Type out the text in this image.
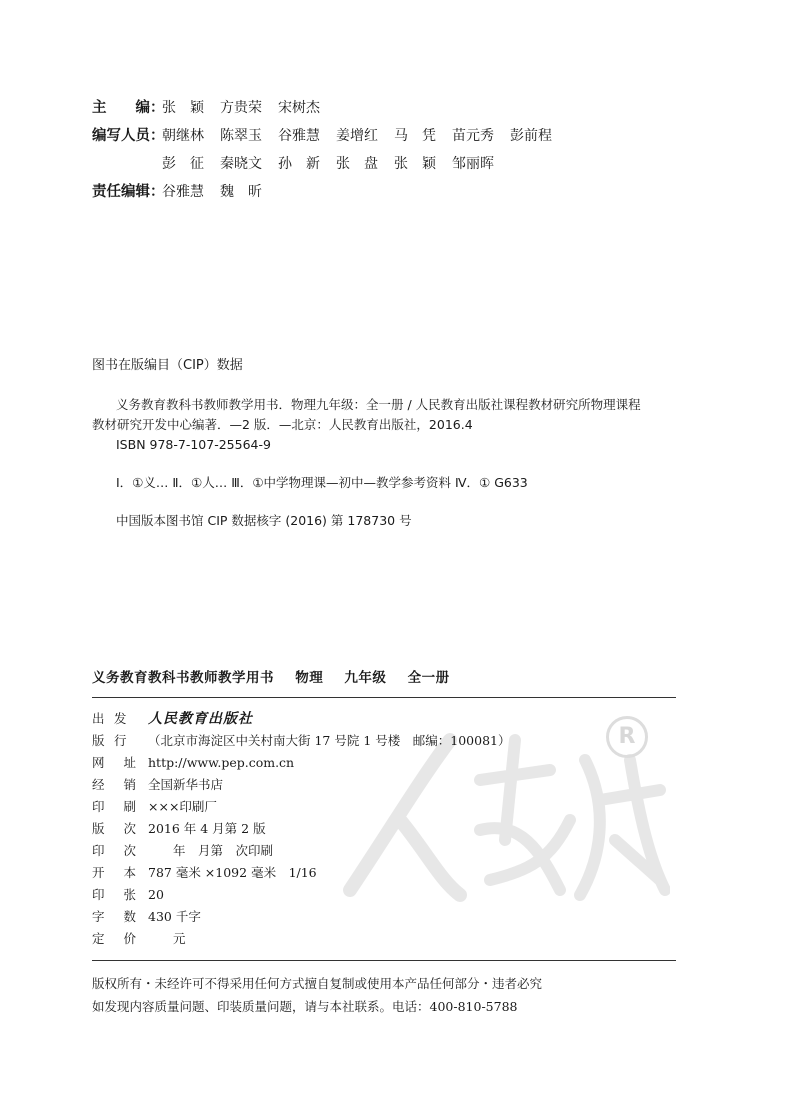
R
主　　编：
张　颖 方贵荣 宋树杰
编写人员：
朝继林 陈翠玉 谷雅慧 姜增红 马　凭 苗元秀 彭前程
彭　征 秦晓文 孙　新 张　盘 张　颖 邹丽晖
责任编辑：
谷雅慧 魏　昕
图书在版编目（CIP）数据
义务教育教科书教师教学用书．物理九年级：全一册 / 人民教育出版社课程教材研究所物理课程
教材研究开发中心编著．—2 版．—北京：人民教育出版社，2016.4
ISBN 978-7-107-25564-9
Ⅰ．①义… Ⅱ．①人… Ⅲ．①中学物理课—初中—教学参考资料 Ⅳ．① G633
中国版本图书馆 CIP 数据核字 (2016) 第 178730 号
义务教育教科书教师教学用书 物理 九年级 全一册
出版
发行
人民教育出版社
（北京市海淀区中关村南大街 17 号院 1 号楼　邮编：100081）
网 址 http://www.pep.com.cn
经 销 全国新华书店
印 刷 ×××印刷厂
版 次 2016 年 4 月第 2 版
印 次 　　年　月第　次印刷
开 本 787 毫米 ×1092 毫米　1/16
印 张 20
字 数 430 千字
定 价 　　元
版权所有・未经许可不得采用任何方式擅自复制或使用本产品任何部分・违者必究
如发现内容质量问题、印装质量问题，请与本社联系。电话：400-810-5788
